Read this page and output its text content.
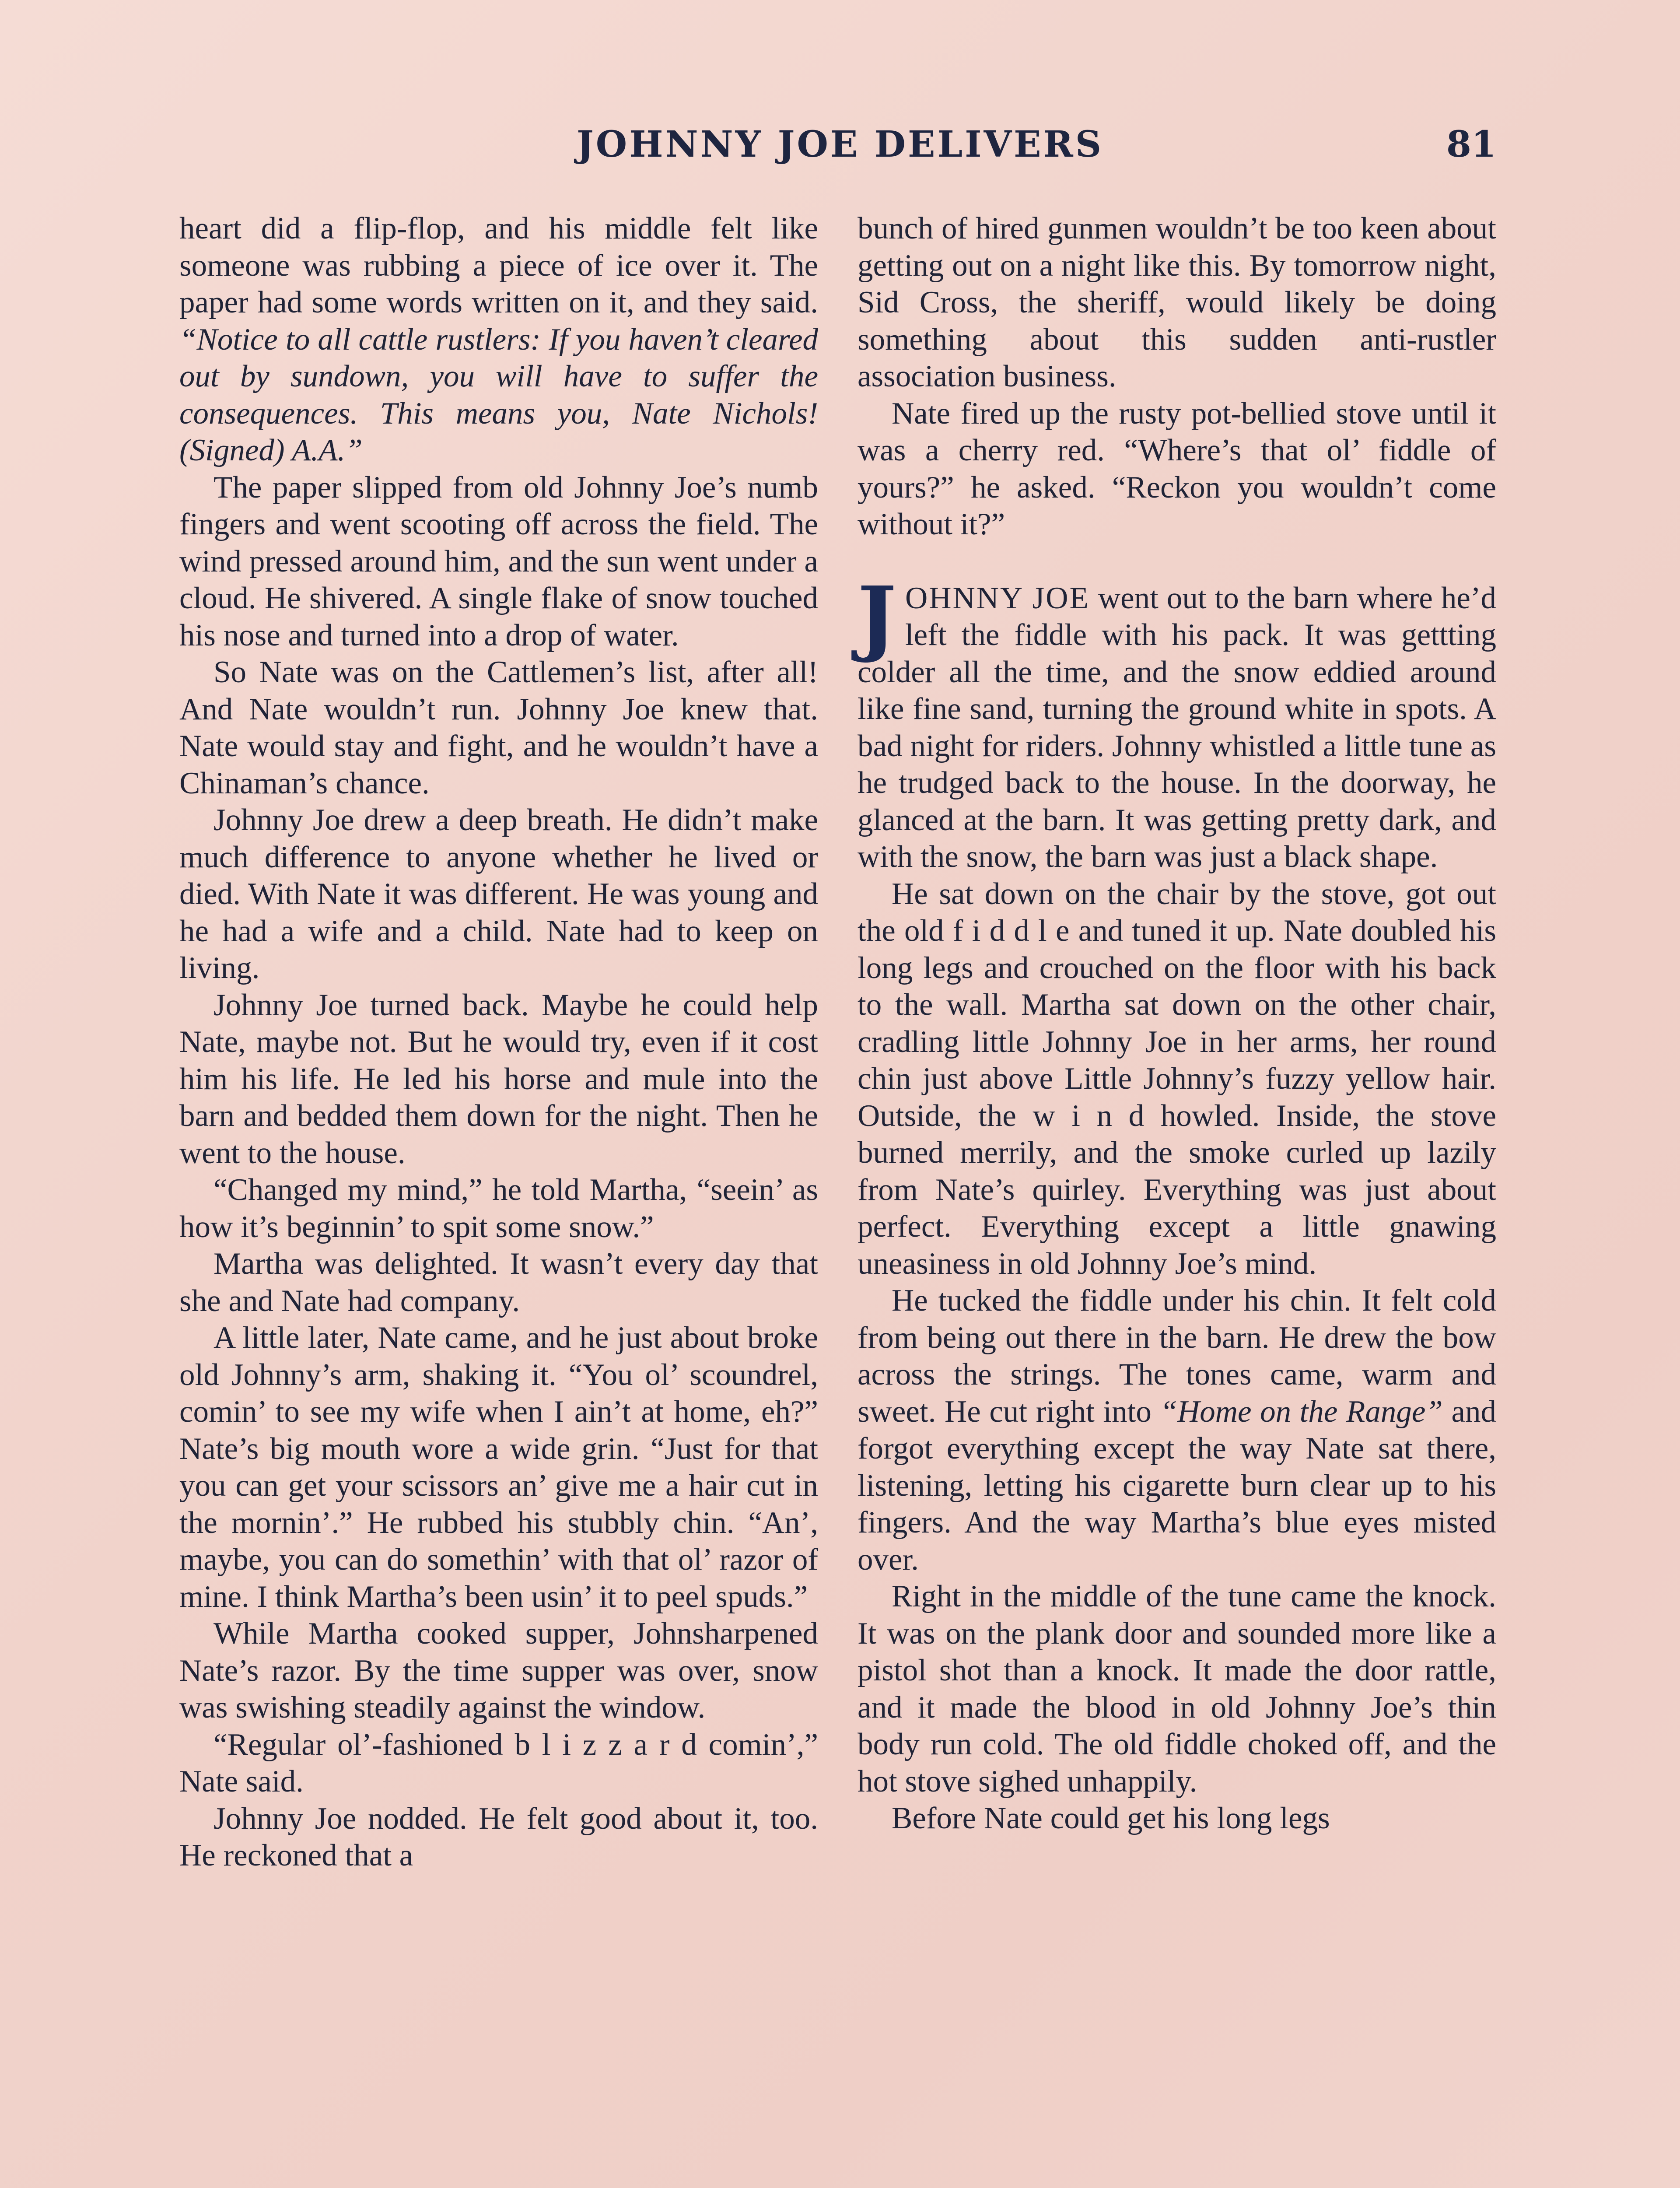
JOHNNY JOE DELIVERS	81

heart did a flip-flop, and his middle felt like someone was rubbing a piece of ice over it. The paper had some words written on it, and they said. “Notice to all cattle rustlers: If you haven’t cleared out by sundown, you will have to suffer the consequences. This means you, Nate Nichols! (Signed) A.A.”

The paper slipped from old Johnny Joe’s numb fingers and went scooting off across the field. The wind pressed around him, and the sun went under a cloud. He shivered. A single flake of snow touched his nose and turned into a drop of water.

So Nate was on the Cattlemen’s list, after all! And Nate wouldn’t run. Johnny Joe knew that. Nate would stay and fight, and he wouldn’t have a Chinaman’s chance.

Johnny Joe drew a deep breath. He didn’t make much difference to anyone whether he lived or died. With Nate it was different. He was young and he had a wife and a child. Nate had to keep on living.

Johnny Joe turned back. Maybe he could help Nate, maybe not. But he would try, even if it cost him his life. He led his horse and mule into the barn and bedded them down for the night. Then he went to the house.

“Changed my mind,” he told Martha, “seein’ as how it’s beginnin’ to spit some snow.”

Martha was delighted. It wasn’t every day that she and Nate had company.

A little later, Nate came, and he just about broke old Johnny’s arm, shaking it. “You ol’ scoundrel, comin’ to see my wife when I ain’t at home, eh?” Nate’s big mouth wore a wide grin. “Just for that you can get your scissors an’ give me a hair cut in the mornin’.” He rubbed his stubbly chin. “An’, maybe, you can do somethin’ with that ol’ razor of mine. I think Martha’s been usin’ it to peel spuds.”

While Martha cooked supper, Johnsharpened Nate’s razor. By the time supper was over, snow was swishing steadily against the window.

“Regular ol’-fashioned b l i z z a r d comin’,” Nate said.

Johnny Joe nodded. He felt good about it, too. He reckoned that a

bunch of hired gunmen wouldn’t be too keen about getting out on a night like this. By tomorrow night, Sid Cross, the sheriff, would likely be doing something about this sudden anti-rustler association business.

Nate fired up the rusty pot-bellied stove until it was a cherry red. “Where’s that ol’ fiddle of yours?” he asked. “Reckon you wouldn’t come without it?”

JOHNNY JOE went out to the barn where he’d left the fiddle with his pack. It was gettting colder all the time, and the snow eddied around like fine sand, turning the ground white in spots. A bad night for riders. Johnny whistled a little tune as he trudged back to the house. In the doorway, he glanced at the barn. It was getting pretty dark, and with the snow, the barn was just a black shape.

He sat down on the chair by the stove, got out the old f i d d l e and tuned it up. Nate doubled his long legs and crouched on the floor with his back to the wall. Martha sat down on the other chair, cradling little Johnny Joe in her arms, her round chin just above Little Johnny’s fuzzy yellow hair. Outside, the w i n d howled. Inside, the stove burned merrily, and the smoke curled up lazily from Nate’s quirley. Everything was just about perfect. Everything except a little gnawing uneasiness in old Johnny Joe’s mind.

He tucked the fiddle under his chin. It felt cold from being out there in the barn. He drew the bow across the strings. The tones came, warm and sweet. He cut right into “Home on the Range” and forgot everything except the way Nate sat there, listening, letting his cigarette burn clear up to his fingers. And the way Martha’s blue eyes misted over.

Right in the middle of the tune came the knock. It was on the plank door and sounded more like a pistol shot than a knock. It made the door rattle, and it made the blood in old Johnny Joe’s thin body run cold. The old fiddle choked off, and the hot stove sighed unhappily.

Before Nate could get his long legs
